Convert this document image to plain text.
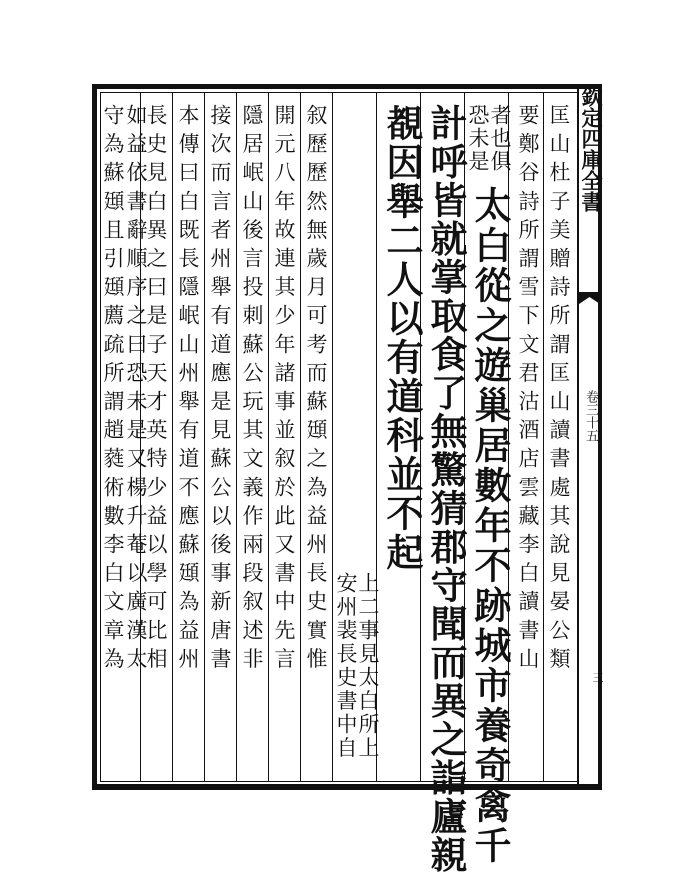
欽定四庫全書
卷三十五
三
匡山杜子美贈詩所謂匡山讀書處其說見晏公類
要鄭谷詩所謂雪下文君沽酒店雲藏李白讀書山
者也俱
恐未是
太白從之遊巢居數年不跡城市養奇禽千
計呼皆就掌取食了無驚猜郡守聞而異之詣廬親
覩因舉二人以有道科並不起
上二事見太白所上
安州裴長史書中自
叙歷歷然無歲月可考而蘇頲之為益州長史實惟
開元八年故連其少年諸事並叙於此又書中先言
隱居岷山後言投刺蘇公玩其文義作兩段叙述非
接次而言者州舉有道應是見蘇公以後事新唐書
本傳曰白既長隱岷山州舉有道不應蘇頲為益州
長史見白異之曰是子天才英特少益以學可比相
如益依書辭順序之曰恐未是又楊升菴以廣漢太
守為蘇頲且引頲薦疏所謂趙蕤術數李白文章為
